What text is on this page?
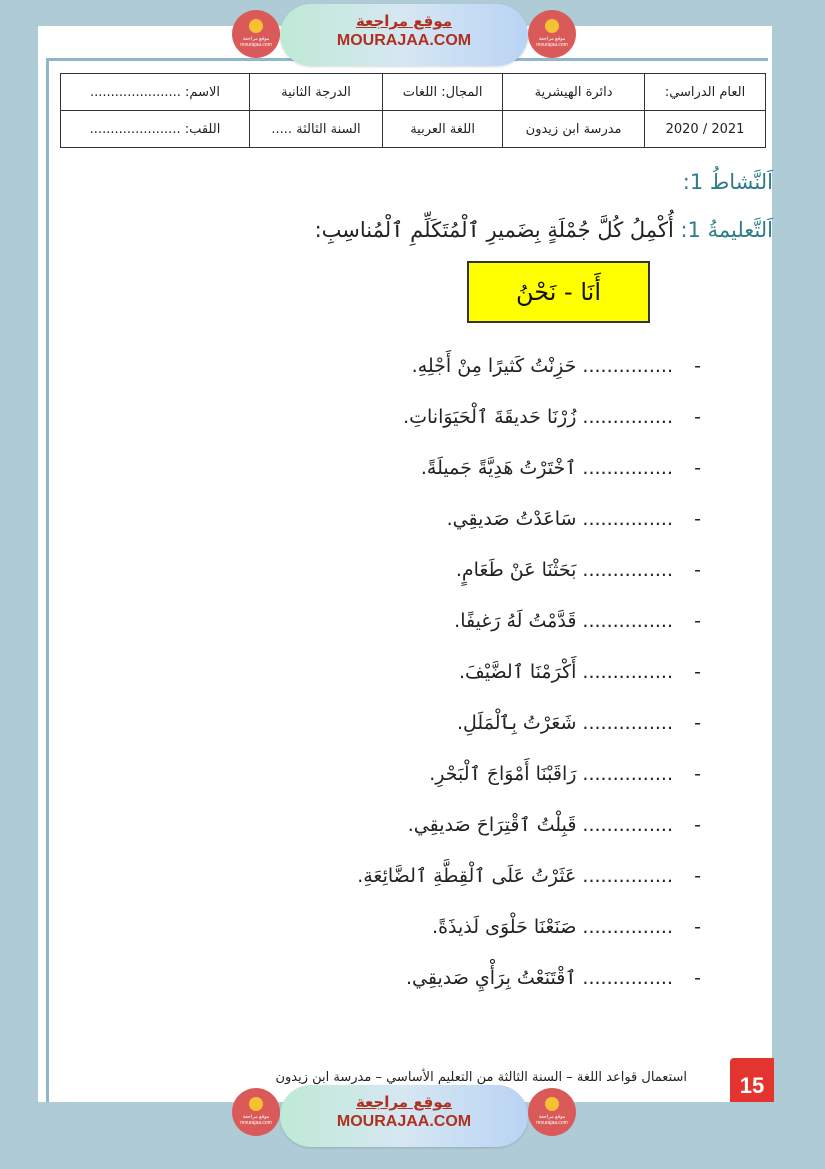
موقع مراجعة mourajaa.com
موقع مراجعة
MOURAJAA.COM	موقع مراجعة mourajaa.com
العام الدراسي:	دائرة الهيشرية	المجال: اللغات	الدرجة الثانية	الاسم: ......................
2021 / 2020	مدرسة ابن زيدون	اللغة العربية	السنة الثالثة .....	اللقب: ......................
اَلنَّشاطُ 1:
اَلتَّعليمةُ 1: أُكْمِلُ كُلَّ جُمْلَةٍ بِضَميرِ ٱلْمُتَكَلِّمِ ٱلْمُناسِبِ:
أَنَا - نَحْنُ
-...............حَزِنْتُ كَثيرًا مِنْ أَجْلِهِ.
-...............زُرْنَا حَديقَةَ ٱلْحَيَوَاناتِ.
-...............ٱخْتَرْتُ هَدِيَّةً جَميلَةً.
-...............سَاعَدْتُ صَديقِي.
-...............بَحَثْنَا عَنْ طَعَامٍ.
-...............قَدَّمْتُ لَهُ رَغيفًا.
-...............أَكْرَمْنَا ٱلضَّيْفَ.
-...............شَعَرْتُ بِٱلْمَلَلِ.
-...............رَاقَبْنَا أَمْوَاجَ ٱلْبَحْرِ.
-...............قَبِلْتُ ٱقْتِرَاحَ صَديقِي.
-...............عَثَرْتُ عَلَى ٱلْقِطَّةِ ٱلضَّائِعَةِ.
-...............صَنَعْنَا حَلْوَى لَذيذَةً.
-...............ٱقْتَنَعْتُ بِرَأْيِ صَديقِي.
استعمال قواعد اللغة – السنة الثالثة من التعليم الأساسي – مدرسة ابن زيدون	15
موقع مراجعة mourajaa.com
موقع مراجعة
MOURAJAA.COM	موقع مراجعة mourajaa.com
